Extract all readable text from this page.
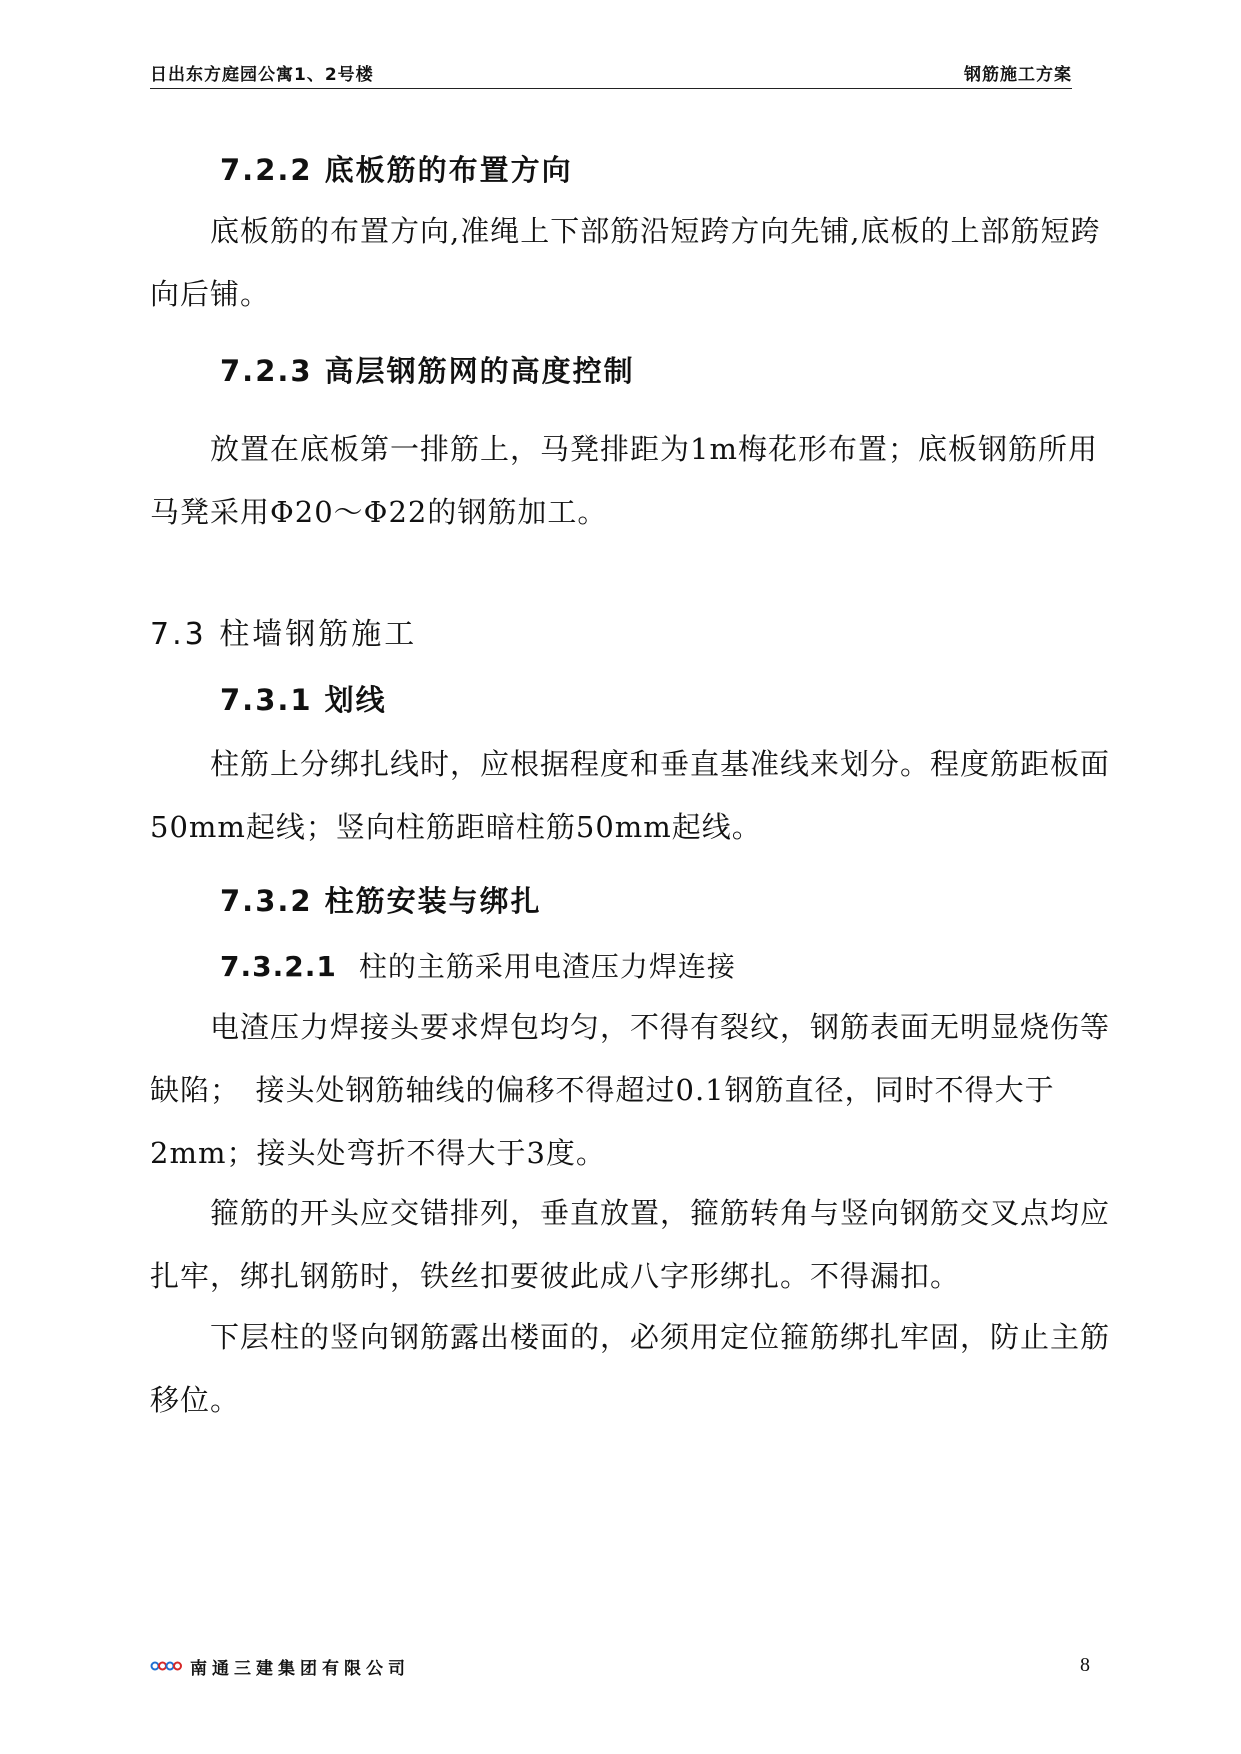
日出东方庭园公寓1、2号楼	钢筋施工方案
7.2.2 底板筋的布置方向
底板筋的布置方向,准绳上下部筋沿短跨方向先铺,底板的上部筋短跨向后铺。
7.2.3 高层钢筋网的高度控制
放置在底板第一排筋上，马凳排距为1m梅花形布置；底板钢筋所用马凳采用Φ20～Φ22的钢筋加工。
7.3 柱墙钢筋施工
7.3.1 划线
柱筋上分绑扎线时，应根据程度和垂直基准线来划分。程度筋距板面50mm起线；竖向柱筋距暗柱筋50mm起线。
7.3.2 柱筋安装与绑扎
7.3.2.1 柱的主筋采用电渣压力焊连接
电渣压力焊接头要求焊包均匀，不得有裂纹，钢筋表面无明显烧伤等缺陷；　接头处钢筋轴线的偏移不得超过0.1钢筋直径，同时不得大于2mm；接头处弯折不得大于3度。
箍筋的开头应交错排列，垂直放置，箍筋转角与竖向钢筋交叉点均应扎牢，绑扎钢筋时，铁丝扣要彼此成八字形绑扎。不得漏扣。
下层柱的竖向钢筋露出楼面的，必须用定位箍筋绑扎牢固，防止主筋移位。
南通三建集团有限公司	8
